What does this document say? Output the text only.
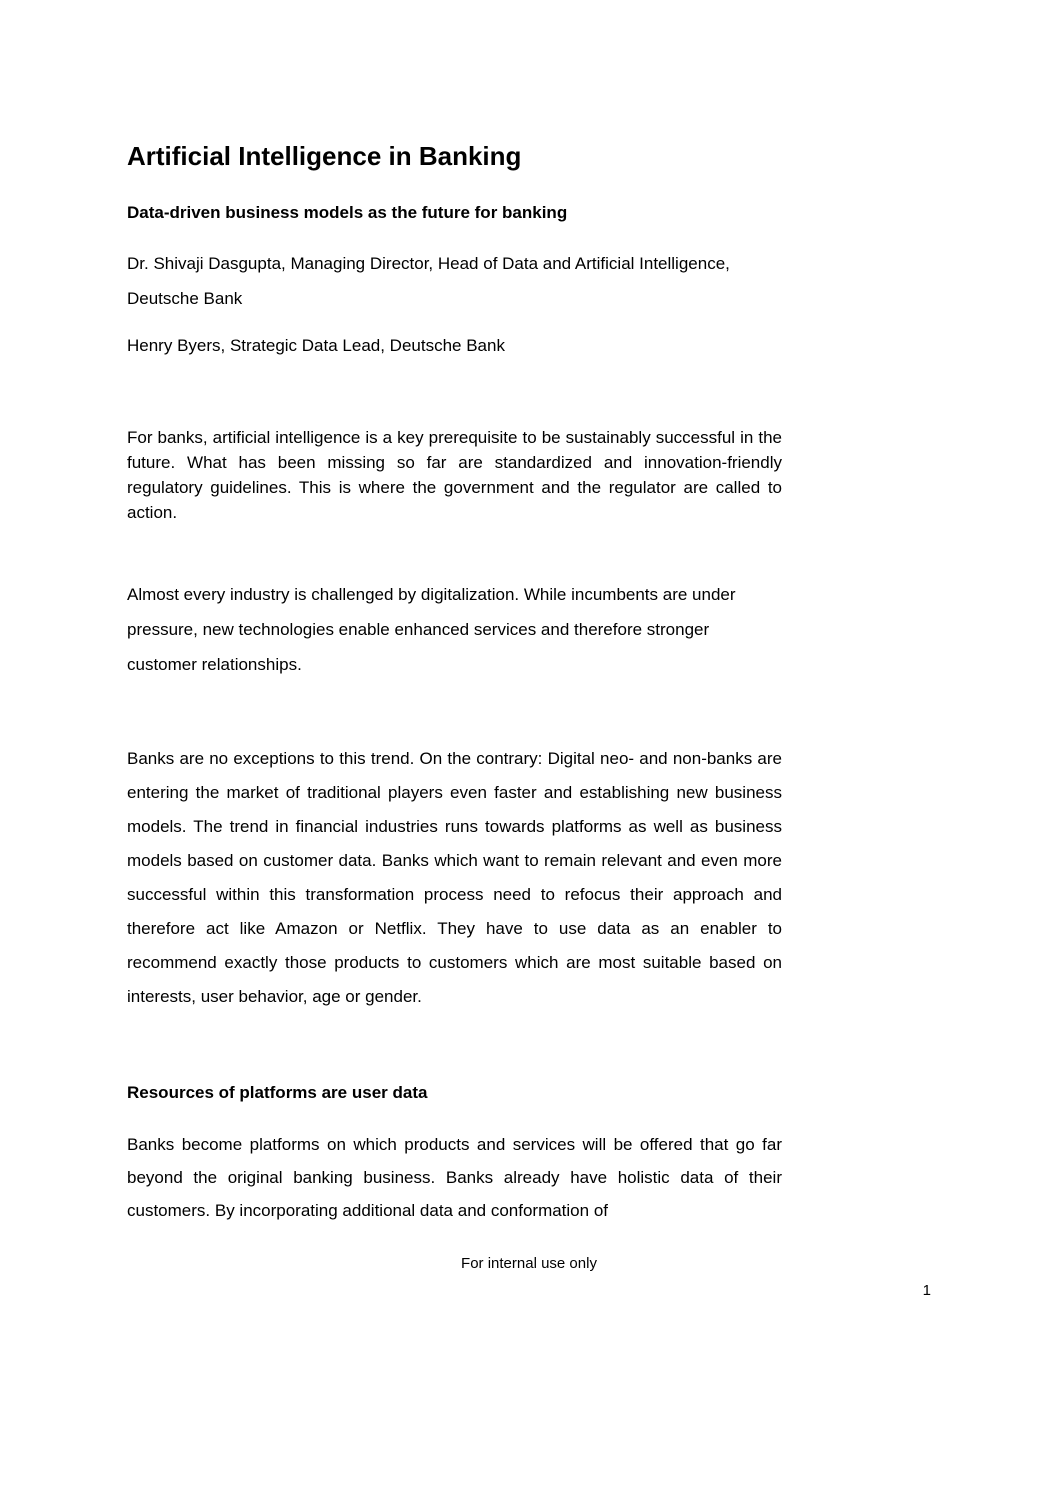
Artificial Intelligence in Banking
Data-driven business models as the future for banking
Dr. Shivaji Dasgupta, Managing Director, Head of Data and Artificial Intelligence, Deutsche Bank
Henry Byers, Strategic Data Lead, Deutsche Bank
For banks, artificial intelligence is a key prerequisite to be sustainably successful in the future. What has been missing so far are standardized and innovation-friendly regulatory guidelines. This is where the government and the regulator are called to action.
Almost every industry is challenged by digitalization. While incumbents are under pressure, new technologies enable enhanced services and therefore stronger customer relationships.
Banks are no exceptions to this trend. On the contrary: Digital neo- and non-banks are entering the market of traditional players even faster and establishing new business models. The trend in financial industries runs towards platforms as well as business models based on customer data. Banks which want to remain relevant and even more successful within this transformation process need to refocus their approach and therefore act like Amazon or Netflix. They have to use data as an enabler to recommend exactly those products to customers which are most suitable based on interests, user behavior, age or gender.
Resources of platforms are user data
Banks become platforms on which products and services will be offered that go far beyond the original banking business. Banks already have holistic data of their customers. By incorporating additional data and conformation of
For internal use only
1
